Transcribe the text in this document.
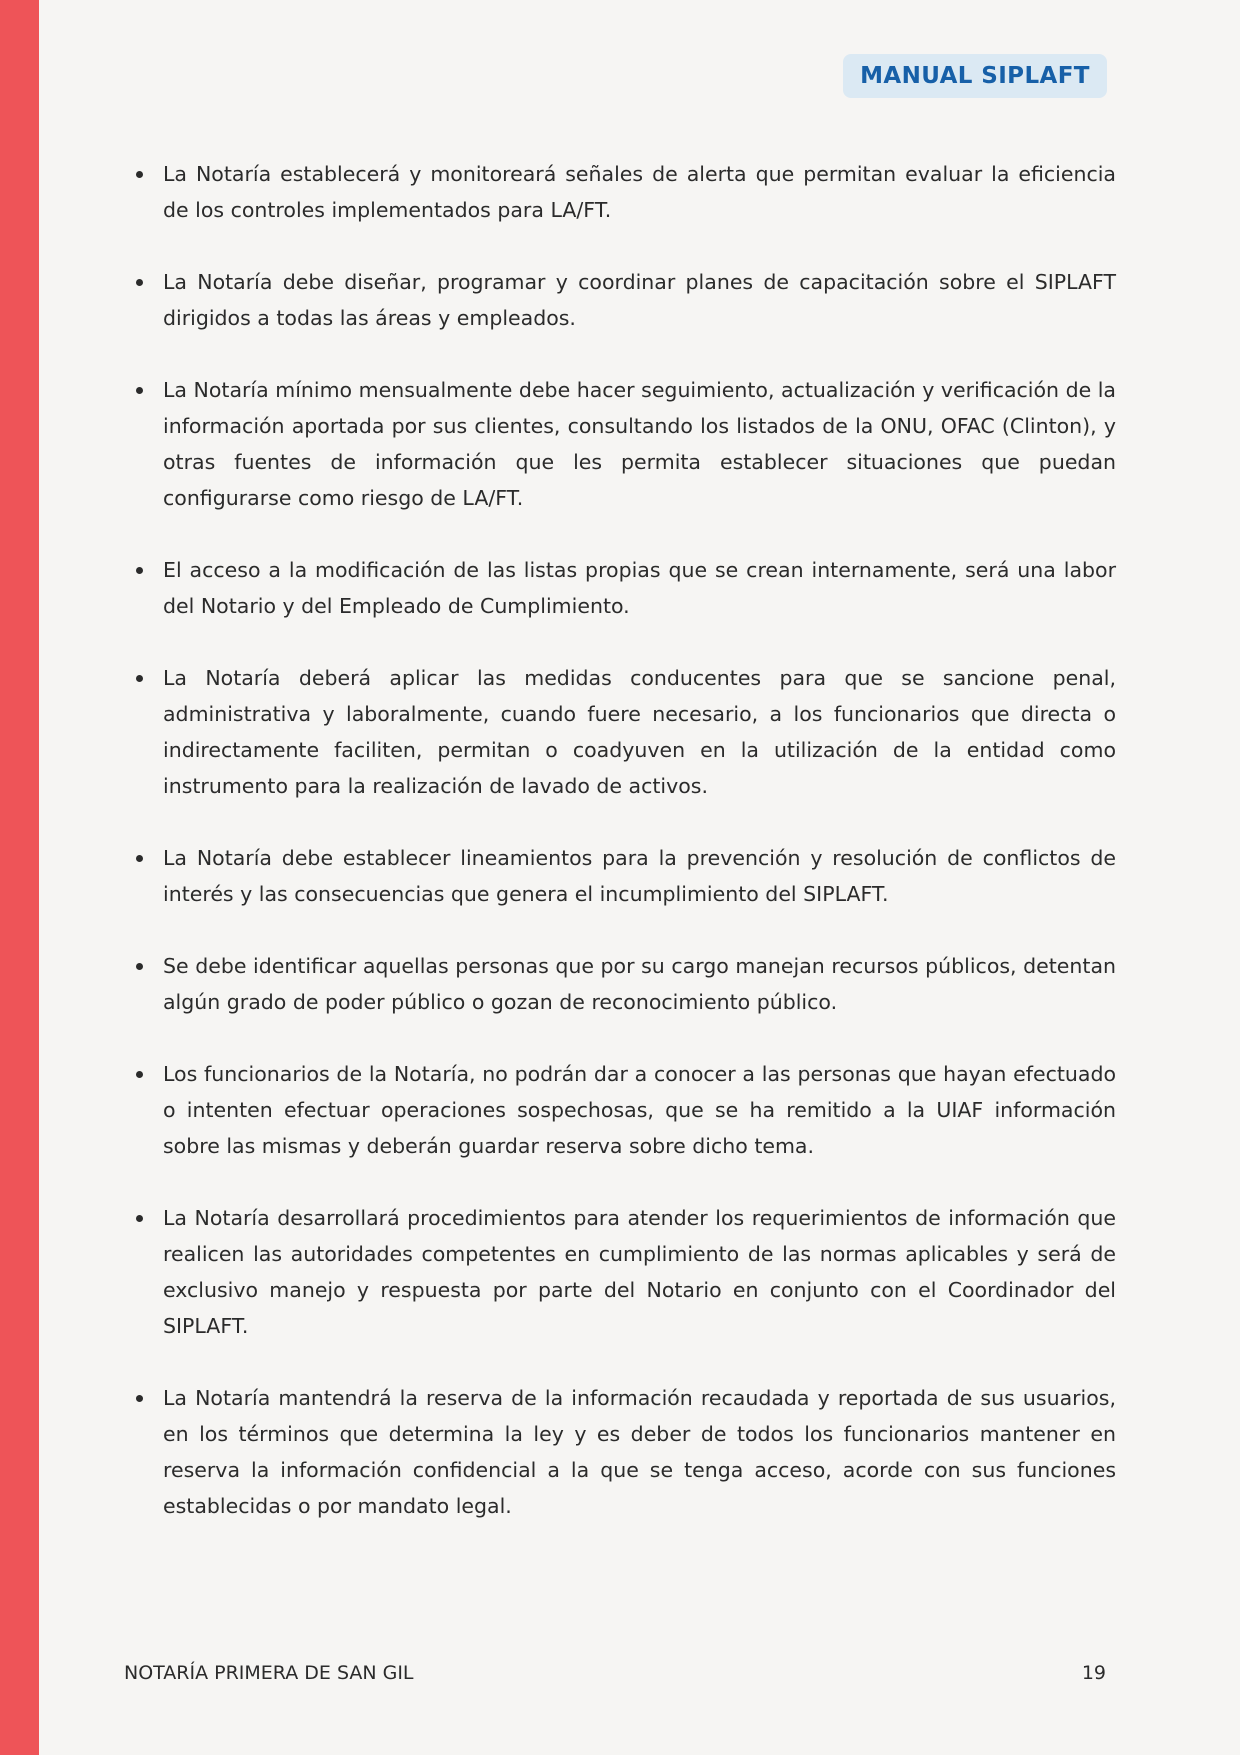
MANUAL SIPLAFT
La Notaría establecerá y monitoreará señales de alerta que permitan evaluar la eficiencia de los controles implementados para LA/FT.
La Notaría debe diseñar, programar y coordinar planes de capacitación sobre el SIPLAFT dirigidos a todas las áreas y empleados.
La Notaría mínimo mensualmente debe hacer seguimiento, actualización y verificación de la información aportada por sus clientes, consultando los listados de la ONU, OFAC (Clinton), y otras fuentes de información que les permita establecer situaciones que puedan configurarse como riesgo de LA/FT.
El acceso a la modificación de las listas propias que se crean internamente, será una labor del Notario y del Empleado de Cumplimiento.
La Notaría deberá aplicar las medidas conducentes para que se sancione penal, administrativa y laboralmente, cuando fuere necesario, a los funcionarios que directa o indirectamente faciliten, permitan o coadyuven en la utilización de la entidad como instrumento para la realización de lavado de activos.
La Notaría debe establecer lineamientos para la prevención y resolución de conflictos de interés y las consecuencias que genera el incumplimiento del SIPLAFT.
Se debe identificar aquellas personas que por su cargo manejan recursos públicos, detentan algún grado de poder público o gozan de reconocimiento público.
Los funcionarios de la Notaría, no podrán dar a conocer a las personas que hayan efectuado o intenten efectuar operaciones sospechosas, que se ha remitido a la UIAF información sobre las mismas y deberán guardar reserva sobre dicho tema.
La Notaría desarrollará procedimientos para atender los requerimientos de información que realicen las autoridades competentes en cumplimiento de las normas aplicables y será de exclusivo manejo y respuesta por parte del Notario en conjunto con el Coordinador del SIPLAFT.
La Notaría mantendrá la reserva de la información recaudada y reportada de sus usuarios, en los términos que determina la ley y es deber de todos los funcionarios mantener en reserva la información confidencial a la que se tenga acceso, acorde con sus funciones establecidas o por mandato legal.
NOTARÍA PRIMERA DE SAN GIL	19
